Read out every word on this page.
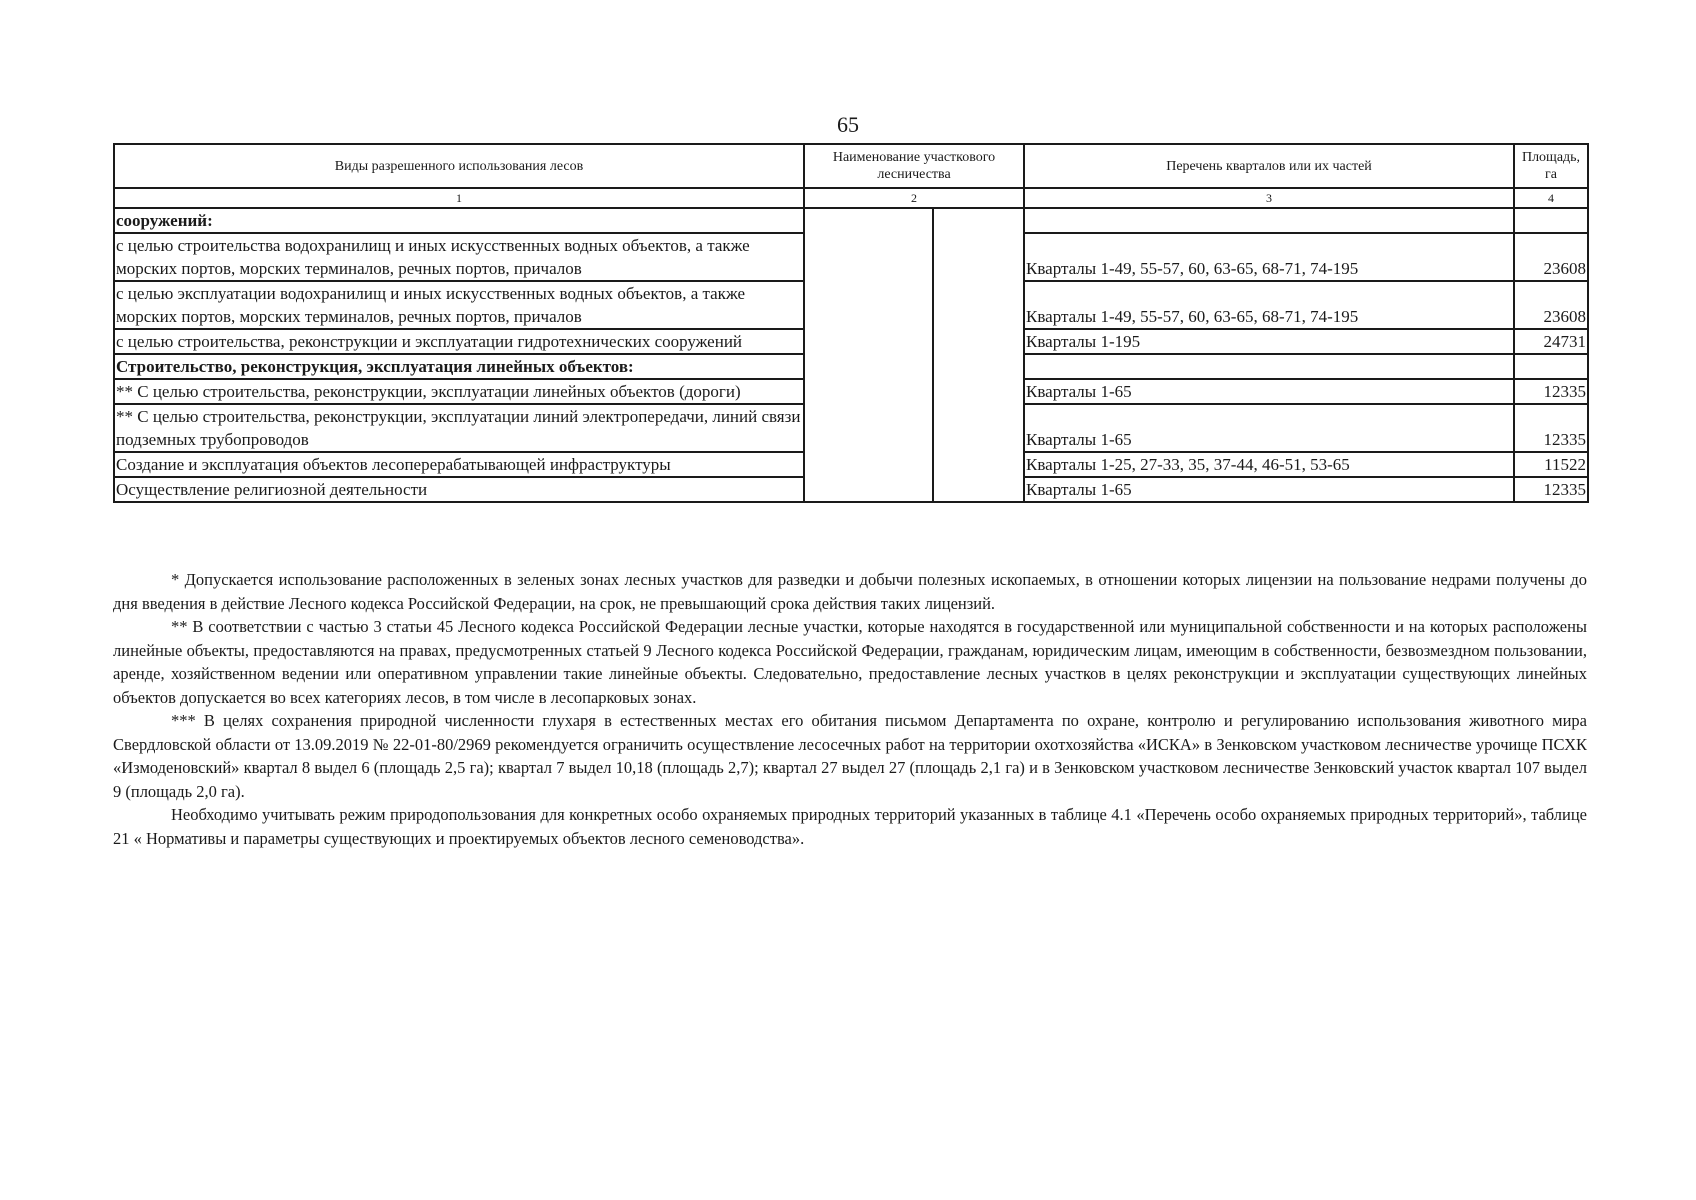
65
Виды разрешенного использования лесов	Наименование участкового лесничества		Перечень кварталов или их частей	Площадь, га
1	2		3	4
сооружений:				
с целью строительства водохранилищ и иных искусственных водных объектов, а также морских портов, морских терминалов, речных портов, причалов			Кварталы 1-49, 55-57, 60, 63-65, 68-71, 74-195	23608
с целью эксплуатации водохранилищ и иных искусственных водных объектов, а также морских портов, морских терминалов, речных портов, причалов			Кварталы 1-49, 55-57, 60, 63-65, 68-71, 74-195	23608
с целью строительства, реконструкции и эксплуатации гидротехнических сооружений			Кварталы 1-195	24731
Строительство, реконструкция, эксплуатация линейных объектов:				
** С целью строительства, реконструкции, эксплуатации линейных объектов (дороги)			Кварталы 1-65	12335
** С целью строительства, реконструкции, эксплуатации линий электропередачи, линий связи подземных трубопроводов			Кварталы 1-65	12335
Создание и эксплуатация объектов лесоперерабатывающей инфраструктуры			Кварталы 1-25, 27-33, 35, 37-44, 46-51, 53-65	11522
Осуществление религиозной деятельности			Кварталы 1-65	12335

* Допускается использование расположенных в зеленых зонах лесных участков для разведки и добычи полезных ископаемых, в отношении которых лицензии на пользование недрами получены до дня введения в действие Лесного кодекса Российской Федерации, на срок, не превышающий срока действия таких лицензий.

** В соответствии с частью 3 статьи 45 Лесного кодекса Российской Федерации лесные участки, которые находятся в государственной или муниципальной собственности и на которых расположены линейные объекты, предоставляются на правах, предусмотренных статьей 9 Лесного кодекса Российской Федерации, гражданам, юридическим лицам, имеющим в собственности, безвозмездном пользовании, аренде, хозяйственном ведении или оперативном управлении такие линейные объекты. Следовательно, предоставление лесных участков в целях реконструкции и эксплуатации существующих линейных объектов допускается во всех категориях лесов, в том числе в лесопарковых зонах.

*** В целях сохранения природной численности глухаря в естественных местах его обитания письмом Департамента по охране, контролю и регулированию использования животного мира Свердловской области от 13.09.2019 № 22-01-80/2969 рекомендуется ограничить осуществление лесосечных работ на территории охотхозяйства «ИСКА» в Зенковском участковом лесничестве урочище ПСХК «Измоденовский» квартал 8 выдел 6 (площадь 2,5 га); квартал 7 выдел 10,18 (площадь 2,7); квартал 27 выдел 27 (площадь 2,1 га) и в Зенковском участковом лесничестве Зенковский участок квартал 107 выдел 9 (площадь 2,0 га).

Необходимо учитывать режим природопользования для конкретных особо охраняемых природных территорий указанных в таблице 4.1 «Перечень особо охраняемых природных территорий», таблице 21 « Нормативы и параметры существующих и проектируемых объектов лесного семеноводства».
